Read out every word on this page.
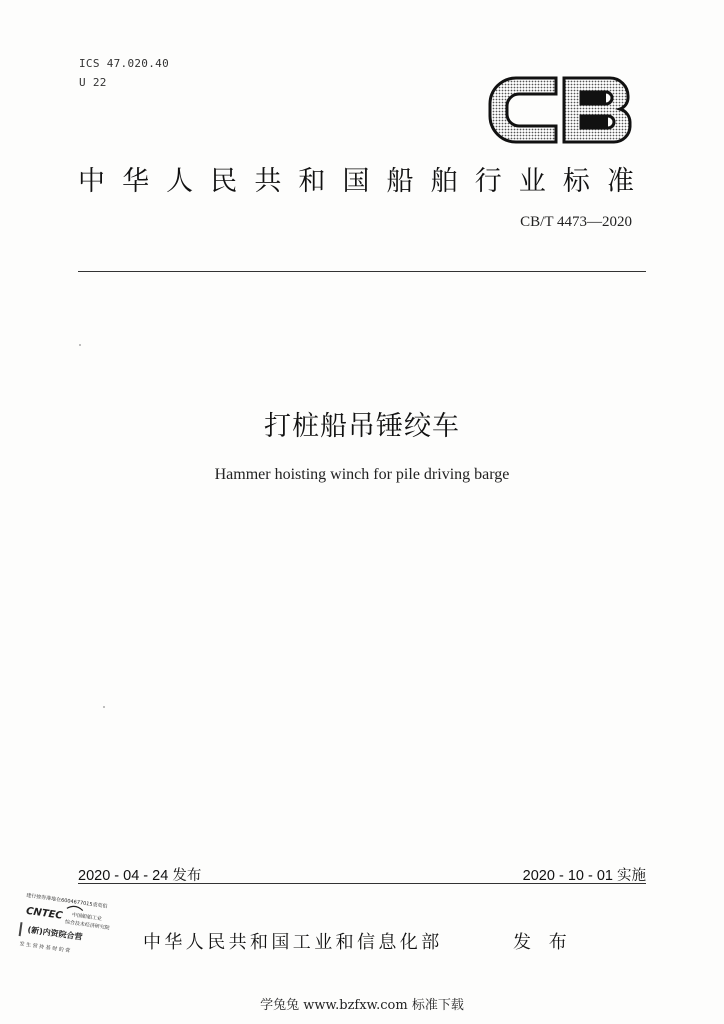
ICS 47.020.40
U 22
中 华 人 民 共 和 国 船 舶 行 业 标 准
CB/T 4473—2020
打桩船吊锤绞车
Hammer hoisting winch for pile driving barge
2020 - 04 - 24 发布	2020 - 10 - 01 实施
建行按券落地在6004677015袁莫伯
CNTEC 中国船舶工业
综合技术经济研究院
(新)内资院合营
发 生 营 持 基 财 的 营	中华人民共和国工业和信息化部	发 布
学兔兔 www.bzfxw.com 标准下载
